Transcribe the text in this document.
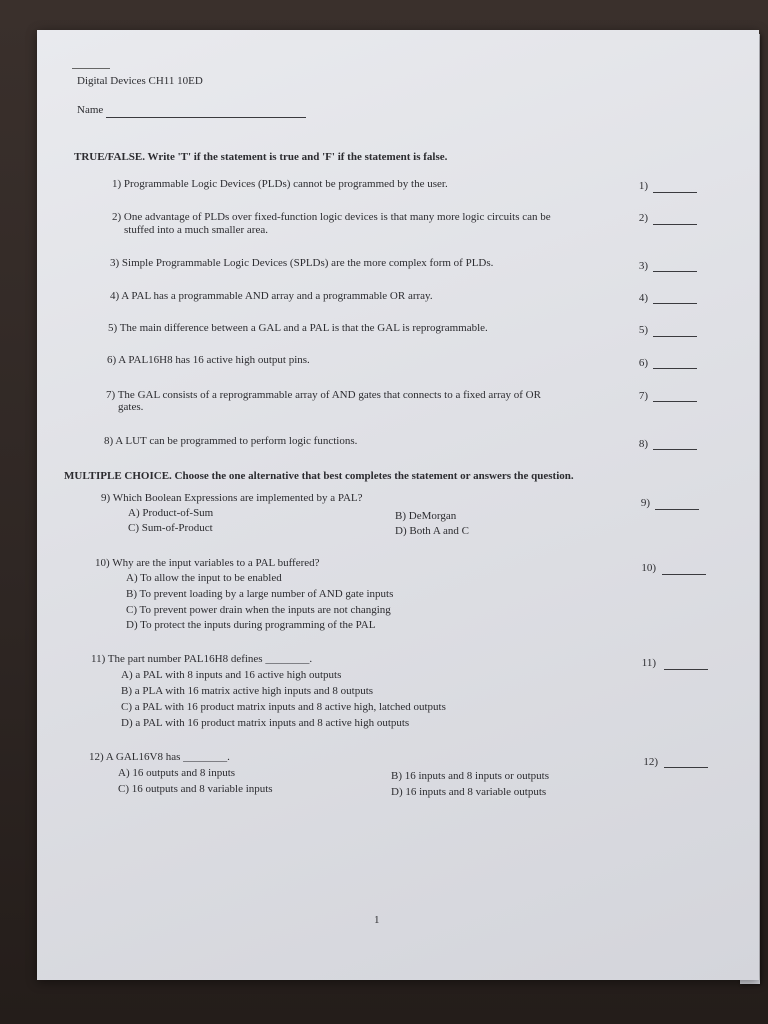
Digital Devices CH11 10ED
Name
TRUE/FALSE. Write 'T' if the statement is true and 'F' if the statement is false.
1) Programmable Logic Devices (PLDs) cannot be programmed by the user.	1)
2) One advantage of PLDs over fixed-function logic devices is that many more logic circuits can be
stuffed into a much smaller area.
2)
3) Simple Programmable Logic Devices (SPLDs) are the more complex form of PLDs.	3)
4) A PAL has a programmable AND array and a programmable OR array.	4)
5) The main difference between a GAL and a PAL is that the GAL is reprogrammable.	5)
6) A PAL16H8 has 16 active high output pins.	6)
7) The GAL consists of a reprogrammable array of AND gates that connects to a fixed array of OR
gates.
7)
8) A LUT can be programmed to perform logic functions.	8)
MULTIPLE CHOICE. Choose the one alternative that best completes the statement or answers the question.
9) Which Boolean Expressions are implemented by a PAL?
A) Product-of-Sum	B) DeMorgan
C) Sum-of-Product	D) Both A and C
9)
10) Why are the input variables to a PAL buffered?
A) To allow the input to be enabled
B) To prevent loading by a large number of AND gate inputs
C) To prevent power drain when the inputs are not changing
D) To protect the inputs during programming of the PAL
10)
11) The part number PAL16H8 defines ________.
A) a PAL with 8 inputs and 16 active high outputs
B) a PLA with 16 matrix active high inputs and 8 outputs
C) a PAL with 16 product matrix inputs and 8 active high, latched outputs
D) a PAL with 16 product matrix inputs and 8 active high outputs
11)
12) A GAL16V8 has ________.
A) 16 outputs and 8 inputs	B) 16 inputs and 8 inputs or outputs
C) 16 outputs and 8 variable inputs	D) 16 inputs and 8 variable outputs
12)
1
